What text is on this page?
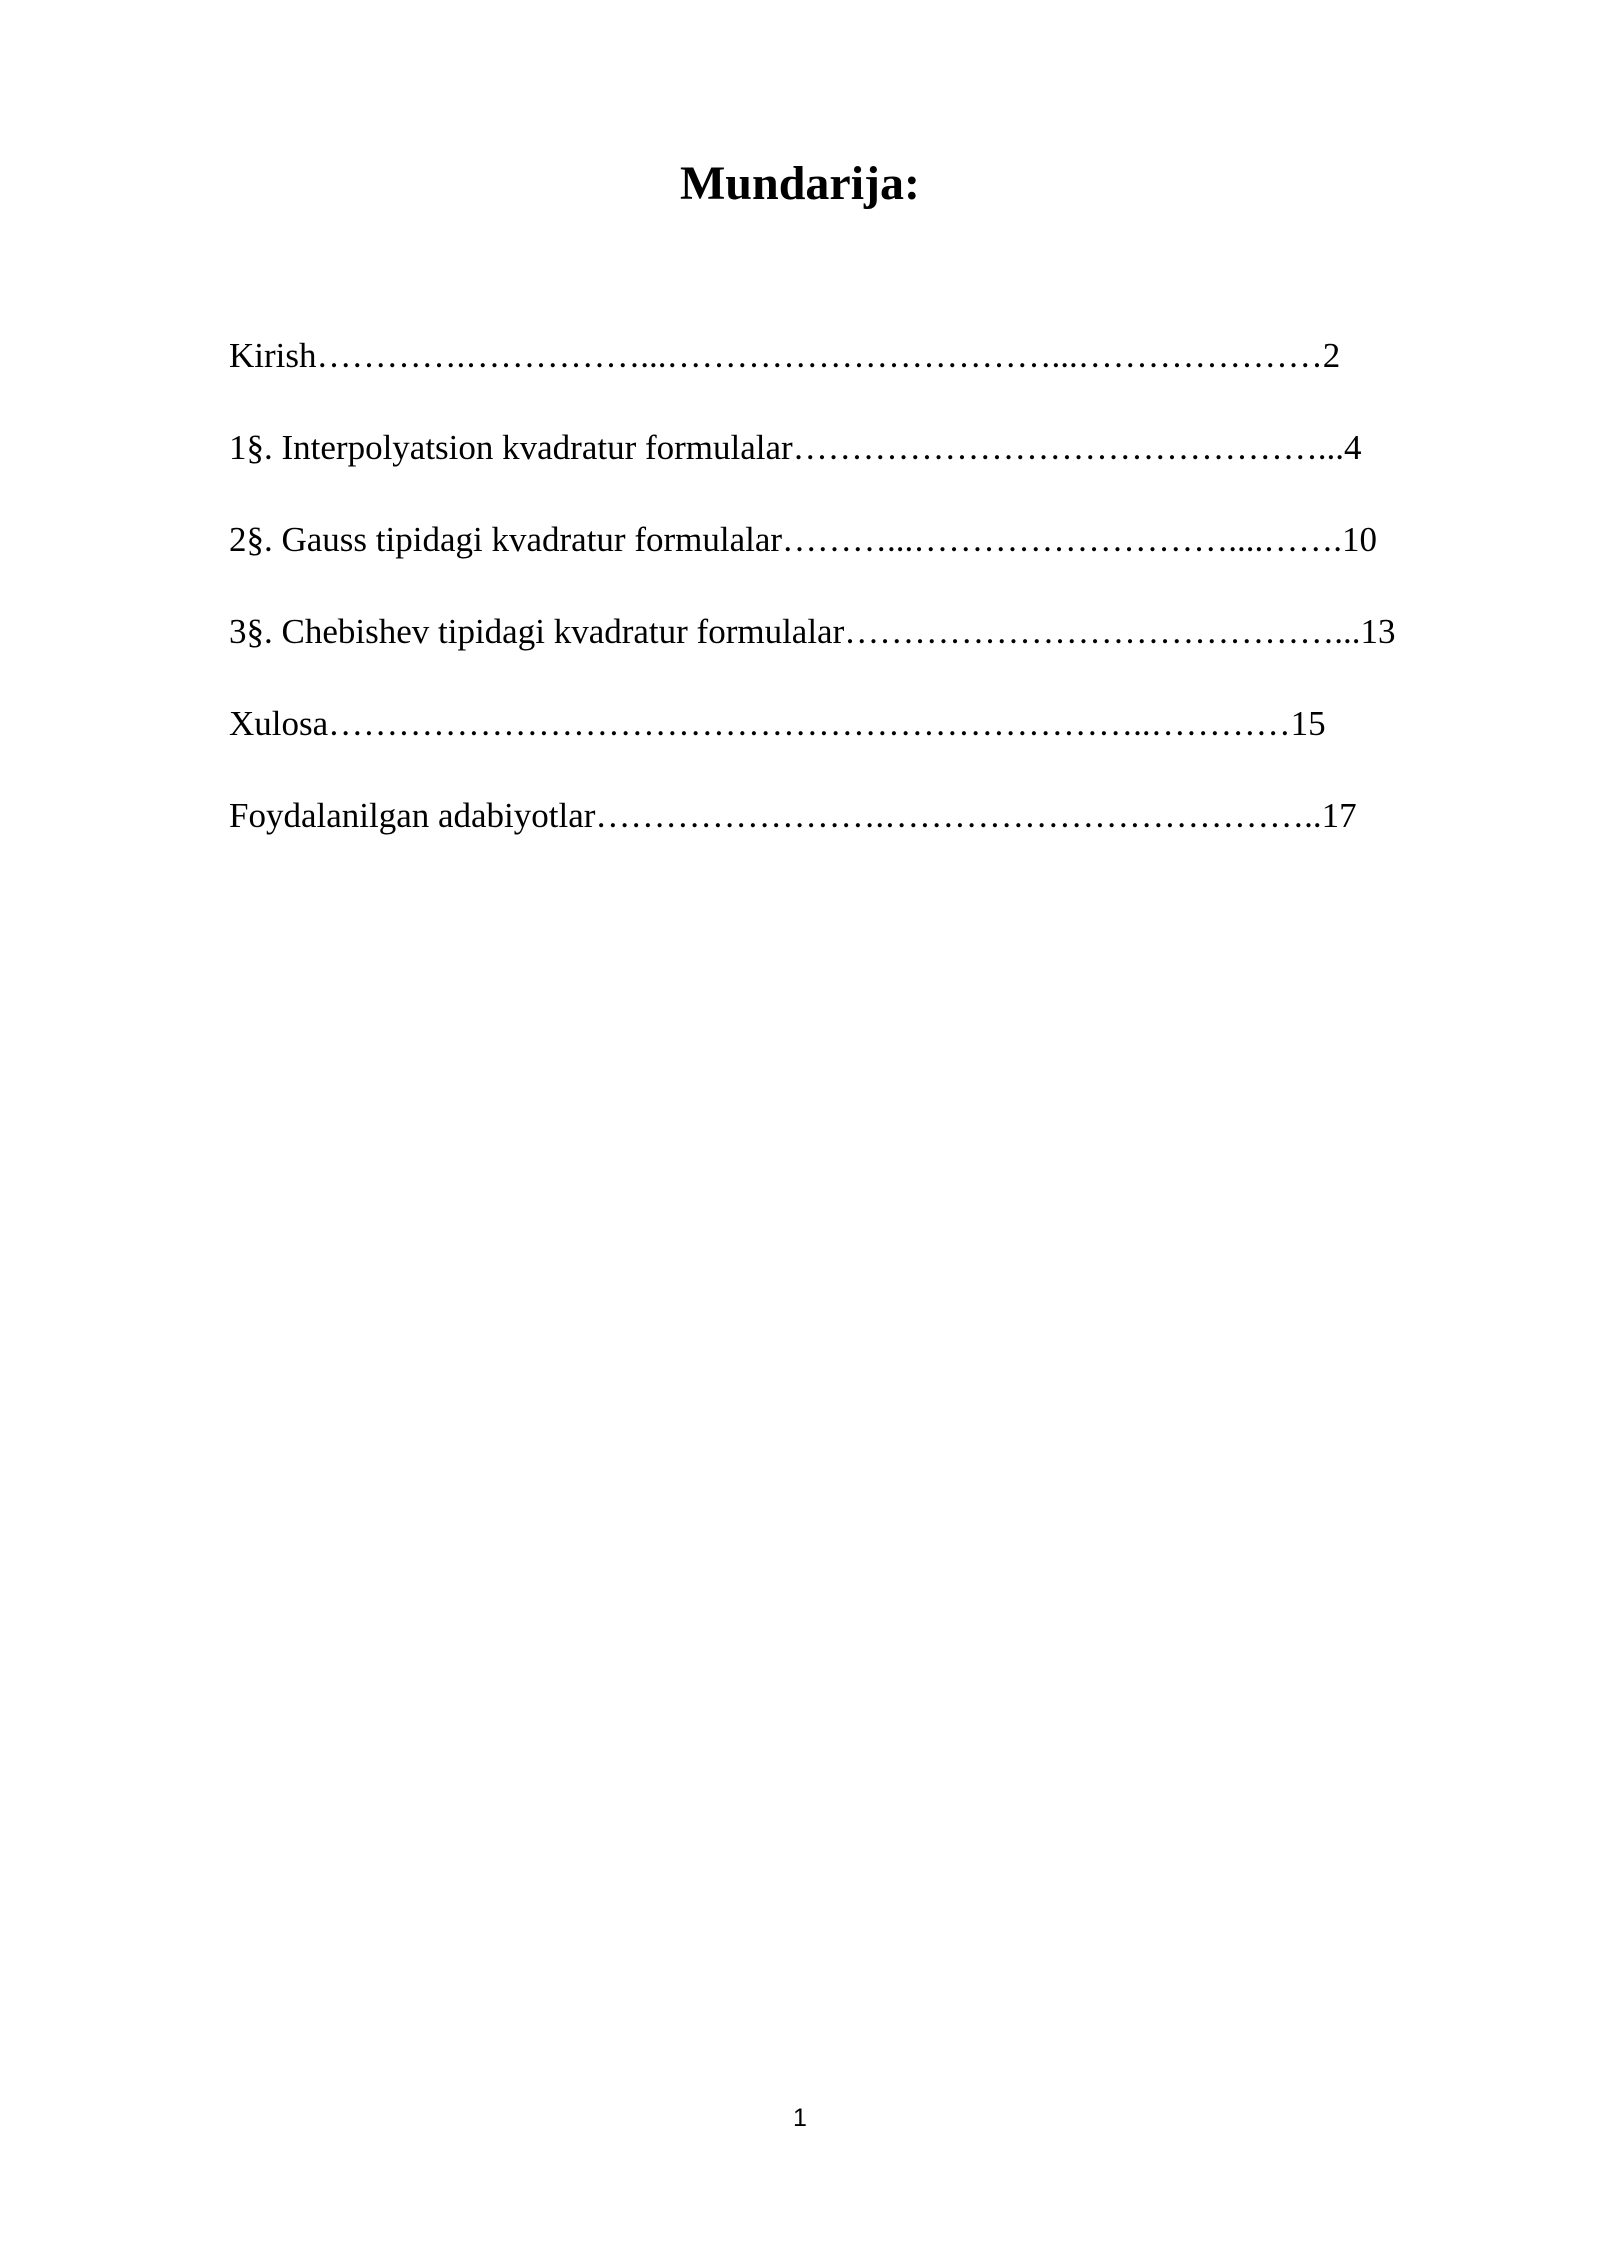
Mundarija:
Kirish………….……………...……………………………...…………………2
1§. Interpolyatsion kvadratur formulalar………………………………………...4
2§. Gauss tipidagi kvadratur formulalar………...………………………....…….10
3§. Chebishev tipidagi kvadratur formulalar……………………………………...13
Xulosa……………………………………………………………..…………15
Foydalanilgan adabiyotlar…………………….………………………………..17
1
